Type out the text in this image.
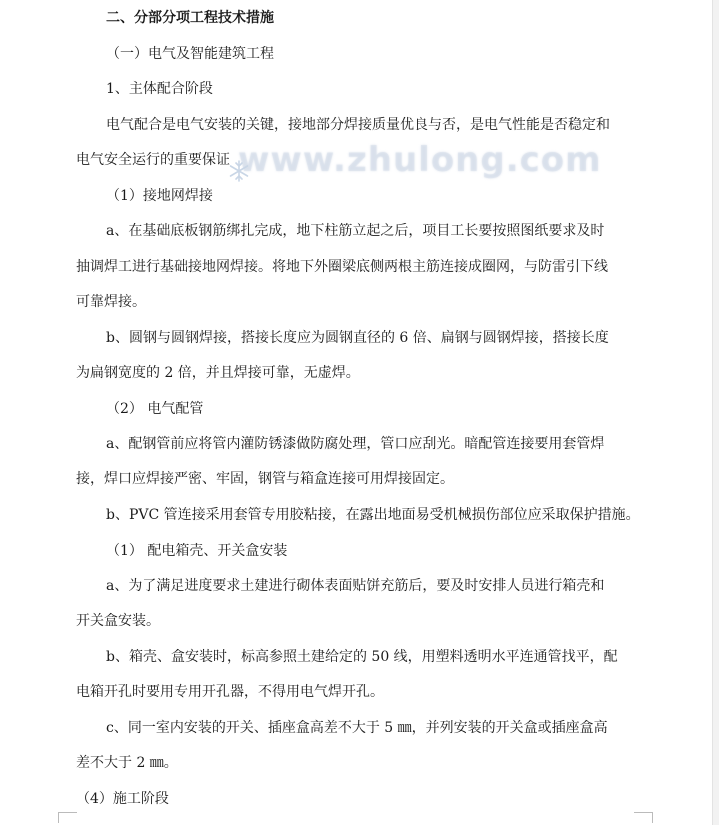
www.zhulong.com
二、分部分项工程技术措施
（一）电气及智能建筑工程
1、主体配合阶段
电气配合是电气安装的关键，接地部分焊接质量优良与否，是电气性能是否稳定和
电气安全运行的重要保证
（1）接地网焊接
a、在基础底板钢筋绑扎完成，地下柱筋立起之后，项目工长要按照图纸要求及时
抽调焊工进行基础接地网焊接。将地下外圈梁底侧两根主筋连接成圈网，与防雷引下线
可靠焊接。
b、圆钢与圆钢焊接，搭接长度应为圆钢直径的 6 倍、扁钢与圆钢焊接，搭接长度
为扁钢宽度的 2 倍，并且焊接可靠，无虚焊。
（2） 电气配管
a、配钢管前应将管内灌防锈漆做防腐处理，管口应刮光。暗配管连接要用套管焊
接，焊口应焊接严密、牢固，钢管与箱盒连接可用焊接固定。
b、PVC 管连接采用套管专用胶粘接，在露出地面易受机械损伤部位应采取保护措施。
（1） 配电箱壳、开关盒安装
a、为了满足进度要求土建进行砌体表面贴饼充筋后，要及时安排人员进行箱壳和
开关盒安装。
b、箱壳、盒安装时，标高参照土建给定的 50 线，用塑料透明水平连通管找平，配
电箱开孔时要用专用开孔器，不得用电气焊开孔。
c、同一室内安装的开关、插座盒高差不大于 5 ㎜，并列安装的开关盒或插座盒高
差不大于 2 ㎜。
（4）施工阶段
